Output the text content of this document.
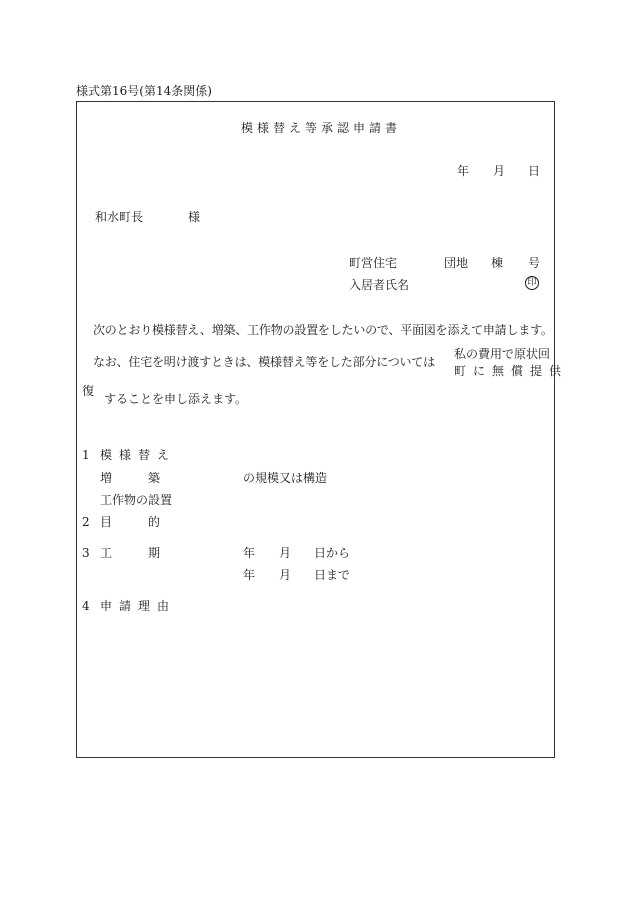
様式第16号(第14条関係)
模様替え等承認申請書
年 月 日
和水町長	様
町営住宅	団地 棟 号
入居者氏名	印
次のとおり模様替え、増築、工作物の設置をしたいので、平面図を添えて申請します。
なお、住宅を明け渡すときは、模様替え等をした部分については
私の費用で原状回
町に無償提供
復
することを申し添えます。
1 模様替え
増　　　築	の規模又は構造
工作物の設置
2 目　　　的
3 工　　　期	年 月 日から
年 月 日まで
4 申請理由
